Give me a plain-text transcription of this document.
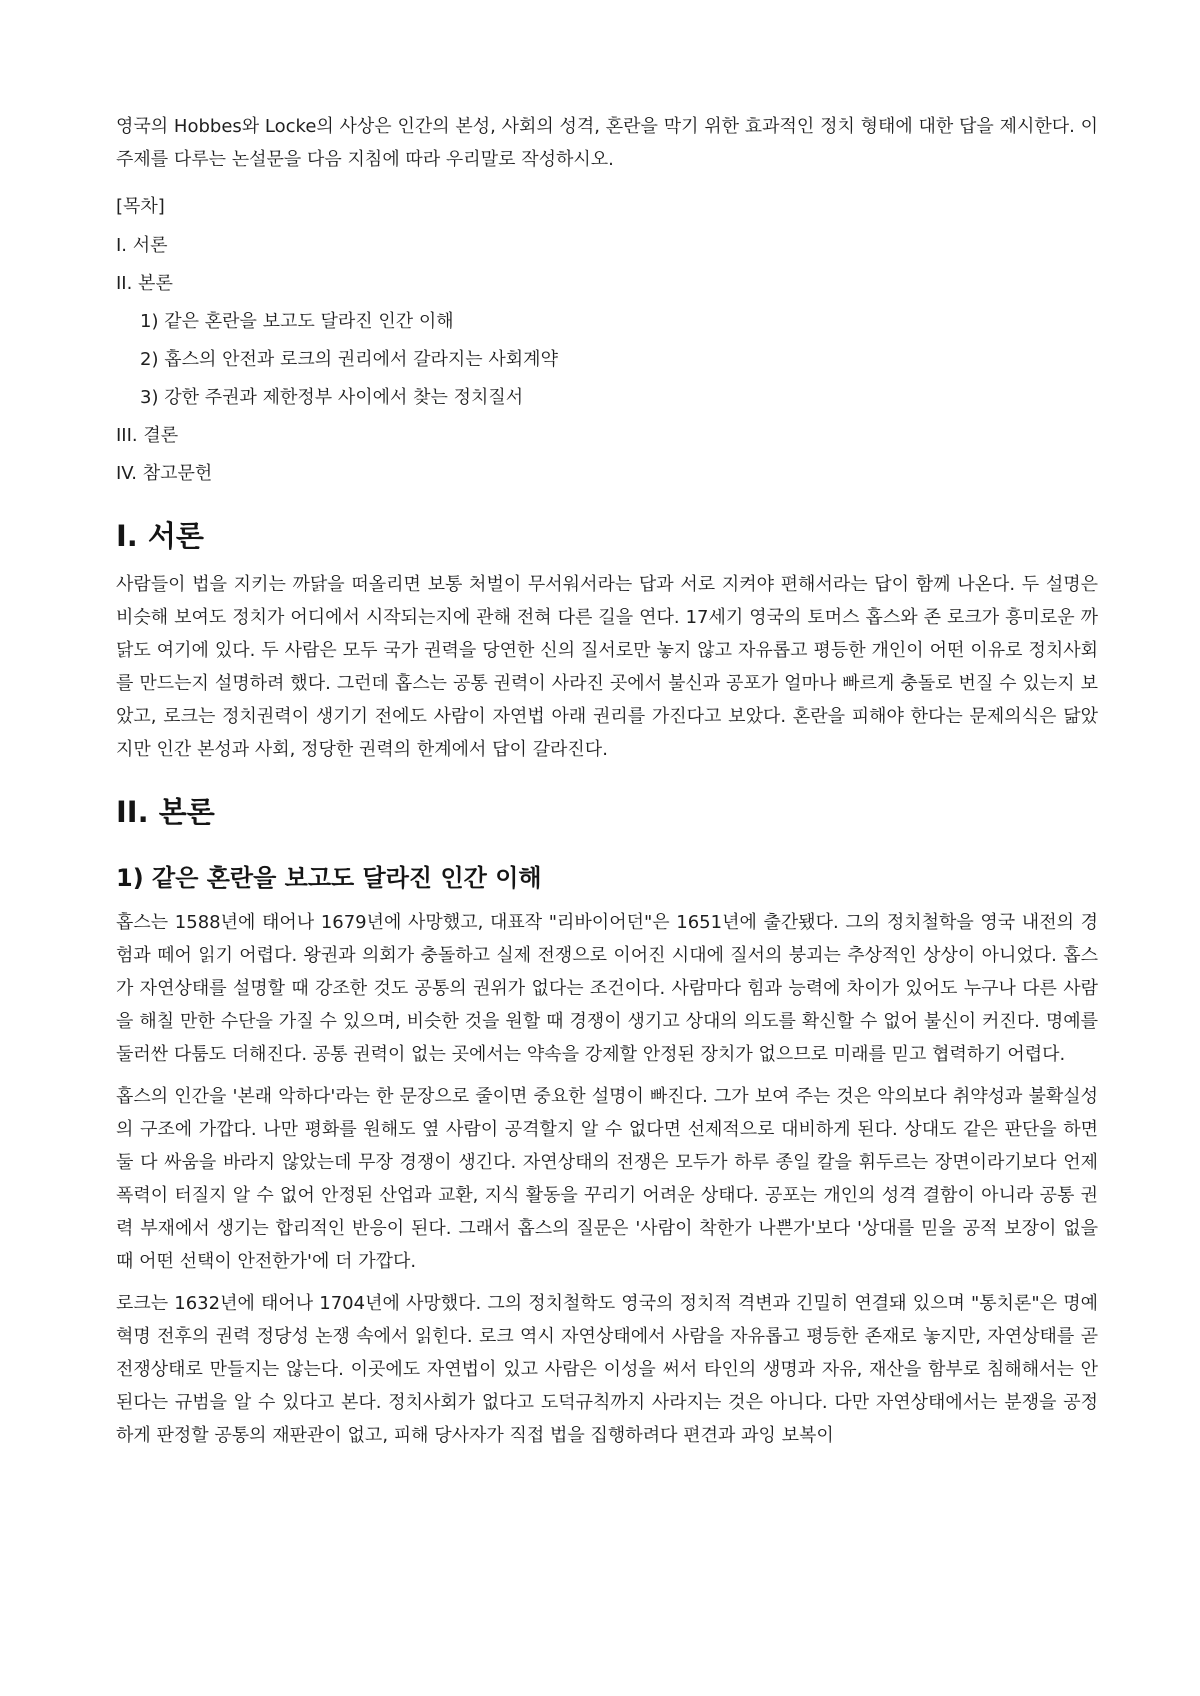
영국의 Hobbes와 Locke의 사상은 인간의 본성, 사회의 성격, 혼란을 막기 위한 효과적인 정치 형태에 대한 답을 제시한다. 이 주제를 다루는 논설문을 다음 지침에 따라 우리말로 작성하시오.

[목차]

I. 서론
II. 본론
1) 같은 혼란을 보고도 달라진 인간 이해
2) 홉스의 안전과 로크의 권리에서 갈라지는 사회계약
3) 강한 주권과 제한정부 사이에서 찾는 정치질서
III. 결론
IV. 참고문헌
I. 서론

사람들이 법을 지키는 까닭을 떠올리면 보통 처벌이 무서워서라는 답과 서로 지켜야 편해서라는 답이 함께 나온다. 두 설명은 비슷해 보여도 정치가 어디에서 시작되는지에 관해 전혀 다른 길을 연다. 17세기 영국의 토머스 홉스와 존 로크가 흥미로운 까닭도 여기에 있다. 두 사람은 모두 국가 권력을 당연한 신의 질서로만 놓지 않고 자유롭고 평등한 개인이 어떤 이유로 정치사회를 만드는지 설명하려 했다. 그런데 홉스는 공통 권력이 사라진 곳에서 불신과 공포가 얼마나 빠르게 충돌로 번질 수 있는지 보았고, 로크는 정치권력이 생기기 전에도 사람이 자연법 아래 권리를 가진다고 보았다. 혼란을 피해야 한다는 문제의식은 닮았지만 인간 본성과 사회, 정당한 권력의 한계에서 답이 갈라진다.

II. 본론
1) 같은 혼란을 보고도 달라진 인간 이해

홉스는 1588년에 태어나 1679년에 사망했고, 대표작 "리바이어던"은 1651년에 출간됐다. 그의 정치철학을 영국 내전의 경험과 떼어 읽기 어렵다. 왕권과 의회가 충돌하고 실제 전쟁으로 이어진 시대에 질서의 붕괴는 추상적인 상상이 아니었다. 홉스가 자연상태를 설명할 때 강조한 것도 공통의 권위가 없다는 조건이다. 사람마다 힘과 능력에 차이가 있어도 누구나 다른 사람을 해칠 만한 수단을 가질 수 있으며, 비슷한 것을 원할 때 경쟁이 생기고 상대의 의도를 확신할 수 없어 불신이 커진다. 명예를 둘러싼 다툼도 더해진다. 공통 권력이 없는 곳에서는 약속을 강제할 안정된 장치가 없으므로 미래를 믿고 협력하기 어렵다.

홉스의 인간을 '본래 악하다'라는 한 문장으로 줄이면 중요한 설명이 빠진다. 그가 보여 주는 것은 악의보다 취약성과 불확실성의 구조에 가깝다. 나만 평화를 원해도 옆 사람이 공격할지 알 수 없다면 선제적으로 대비하게 된다. 상대도 같은 판단을 하면 둘 다 싸움을 바라지 않았는데 무장 경쟁이 생긴다. 자연상태의 전쟁은 모두가 하루 종일 칼을 휘두르는 장면이라기보다 언제 폭력이 터질지 알 수 없어 안정된 산업과 교환, 지식 활동을 꾸리기 어려운 상태다. 공포는 개인의 성격 결함이 아니라 공통 권력 부재에서 생기는 합리적인 반응이 된다. 그래서 홉스의 질문은 '사람이 착한가 나쁜가'보다 '상대를 믿을 공적 보장이 없을 때 어떤 선택이 안전한가'에 더 가깝다.

로크는 1632년에 태어나 1704년에 사망했다. 그의 정치철학도 영국의 정치적 격변과 긴밀히 연결돼 있으며 "통치론"은 명예혁명 전후의 권력 정당성 논쟁 속에서 읽힌다. 로크 역시 자연상태에서 사람을 자유롭고 평등한 존재로 놓지만, 자연상태를 곧 전쟁상태로 만들지는 않는다. 이곳에도 자연법이 있고 사람은 이성을 써서 타인의 생명과 자유, 재산을 함부로 침해해서는 안 된다는 규범을 알 수 있다고 본다. 정치사회가 없다고 도덕규칙까지 사라지는 것은 아니다. 다만 자연상태에서는 분쟁을 공정하게 판정할 공통의 재판관이 없고, 피해 당사자가 직접 법을 집행하려다 편견과 과잉 보복이
